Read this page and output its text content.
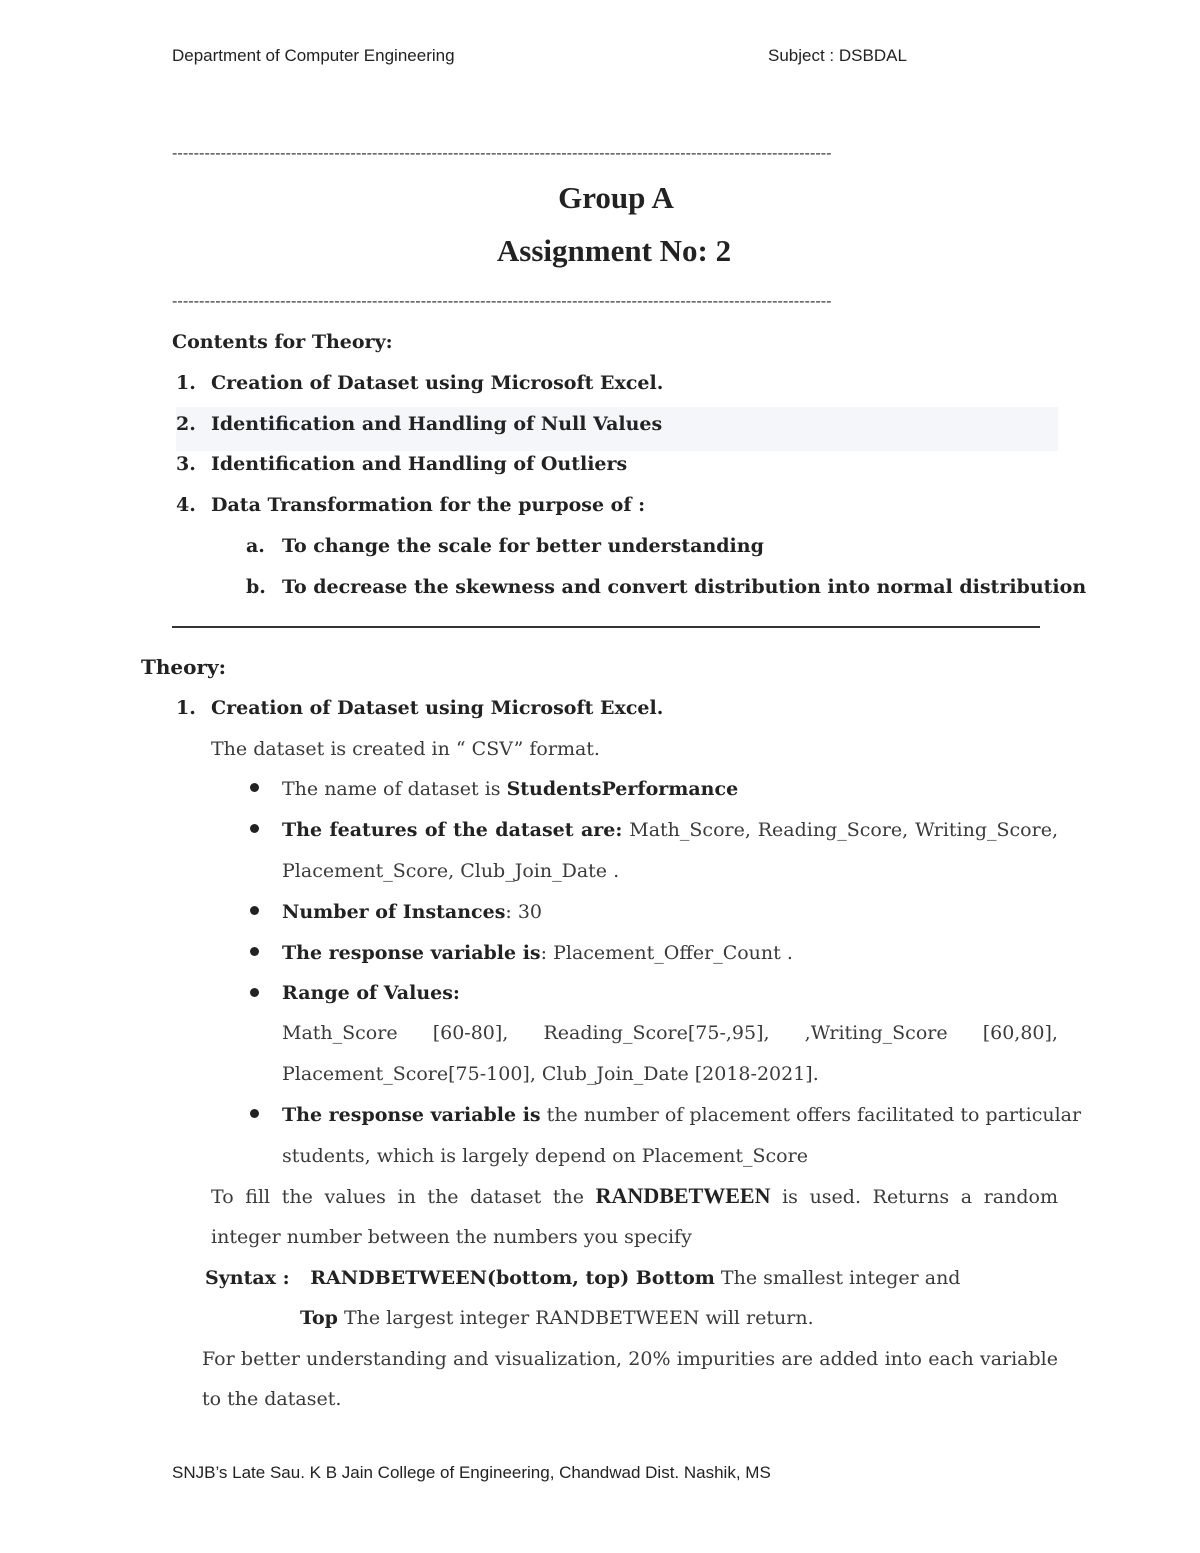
Department of Computer Engineering	Subject : DSBDAL
--------------------------------------------------------------------------------------------------------------------------
Group A
Assignment No: 2
--------------------------------------------------------------------------------------------------------------------------
Contents for Theory:
1. Creation of Dataset using Microsoft Excel.
2. Identification and Handling of Null Values
3. Identification and Handling of Outliers
4. Data Transformation for the purpose of :
a. To change the scale for better understanding
b. To decrease the skewness and convert distribution into normal distribution
Theory:
1. Creation of Dataset using Microsoft Excel.
The dataset is created in “ CSV” format.
The name of dataset is StudentsPerformance
The features of the dataset are: Math_Score, Reading_Score, Writing_Score,
Placement_Score, Club_Join_Date .
Number of Instances: 30
The response variable is: Placement_Offer_Count .
Range of Values:
Math_Score [60-80], Reading_Score[75-,95], ,Writing_Score [60,80],
Placement_Score[75-100], Club_Join_Date [2018-2021].
The response variable is the number of placement offers facilitated to particular
students, which is largely depend on Placement_Score
To fill the values in the dataset the RANDBETWEEN is used. Returns a random
integer number between the numbers you specify
Syntax : RANDBETWEEN(bottom, top) Bottom The smallest integer and
Top The largest integer RANDBETWEEN will return.
For better understanding and visualization, 20% impurities are added into each variable
to the dataset.
SNJB’s Late Sau. K B Jain College of Engineering, Chandwad Dist. Nashik, MS
